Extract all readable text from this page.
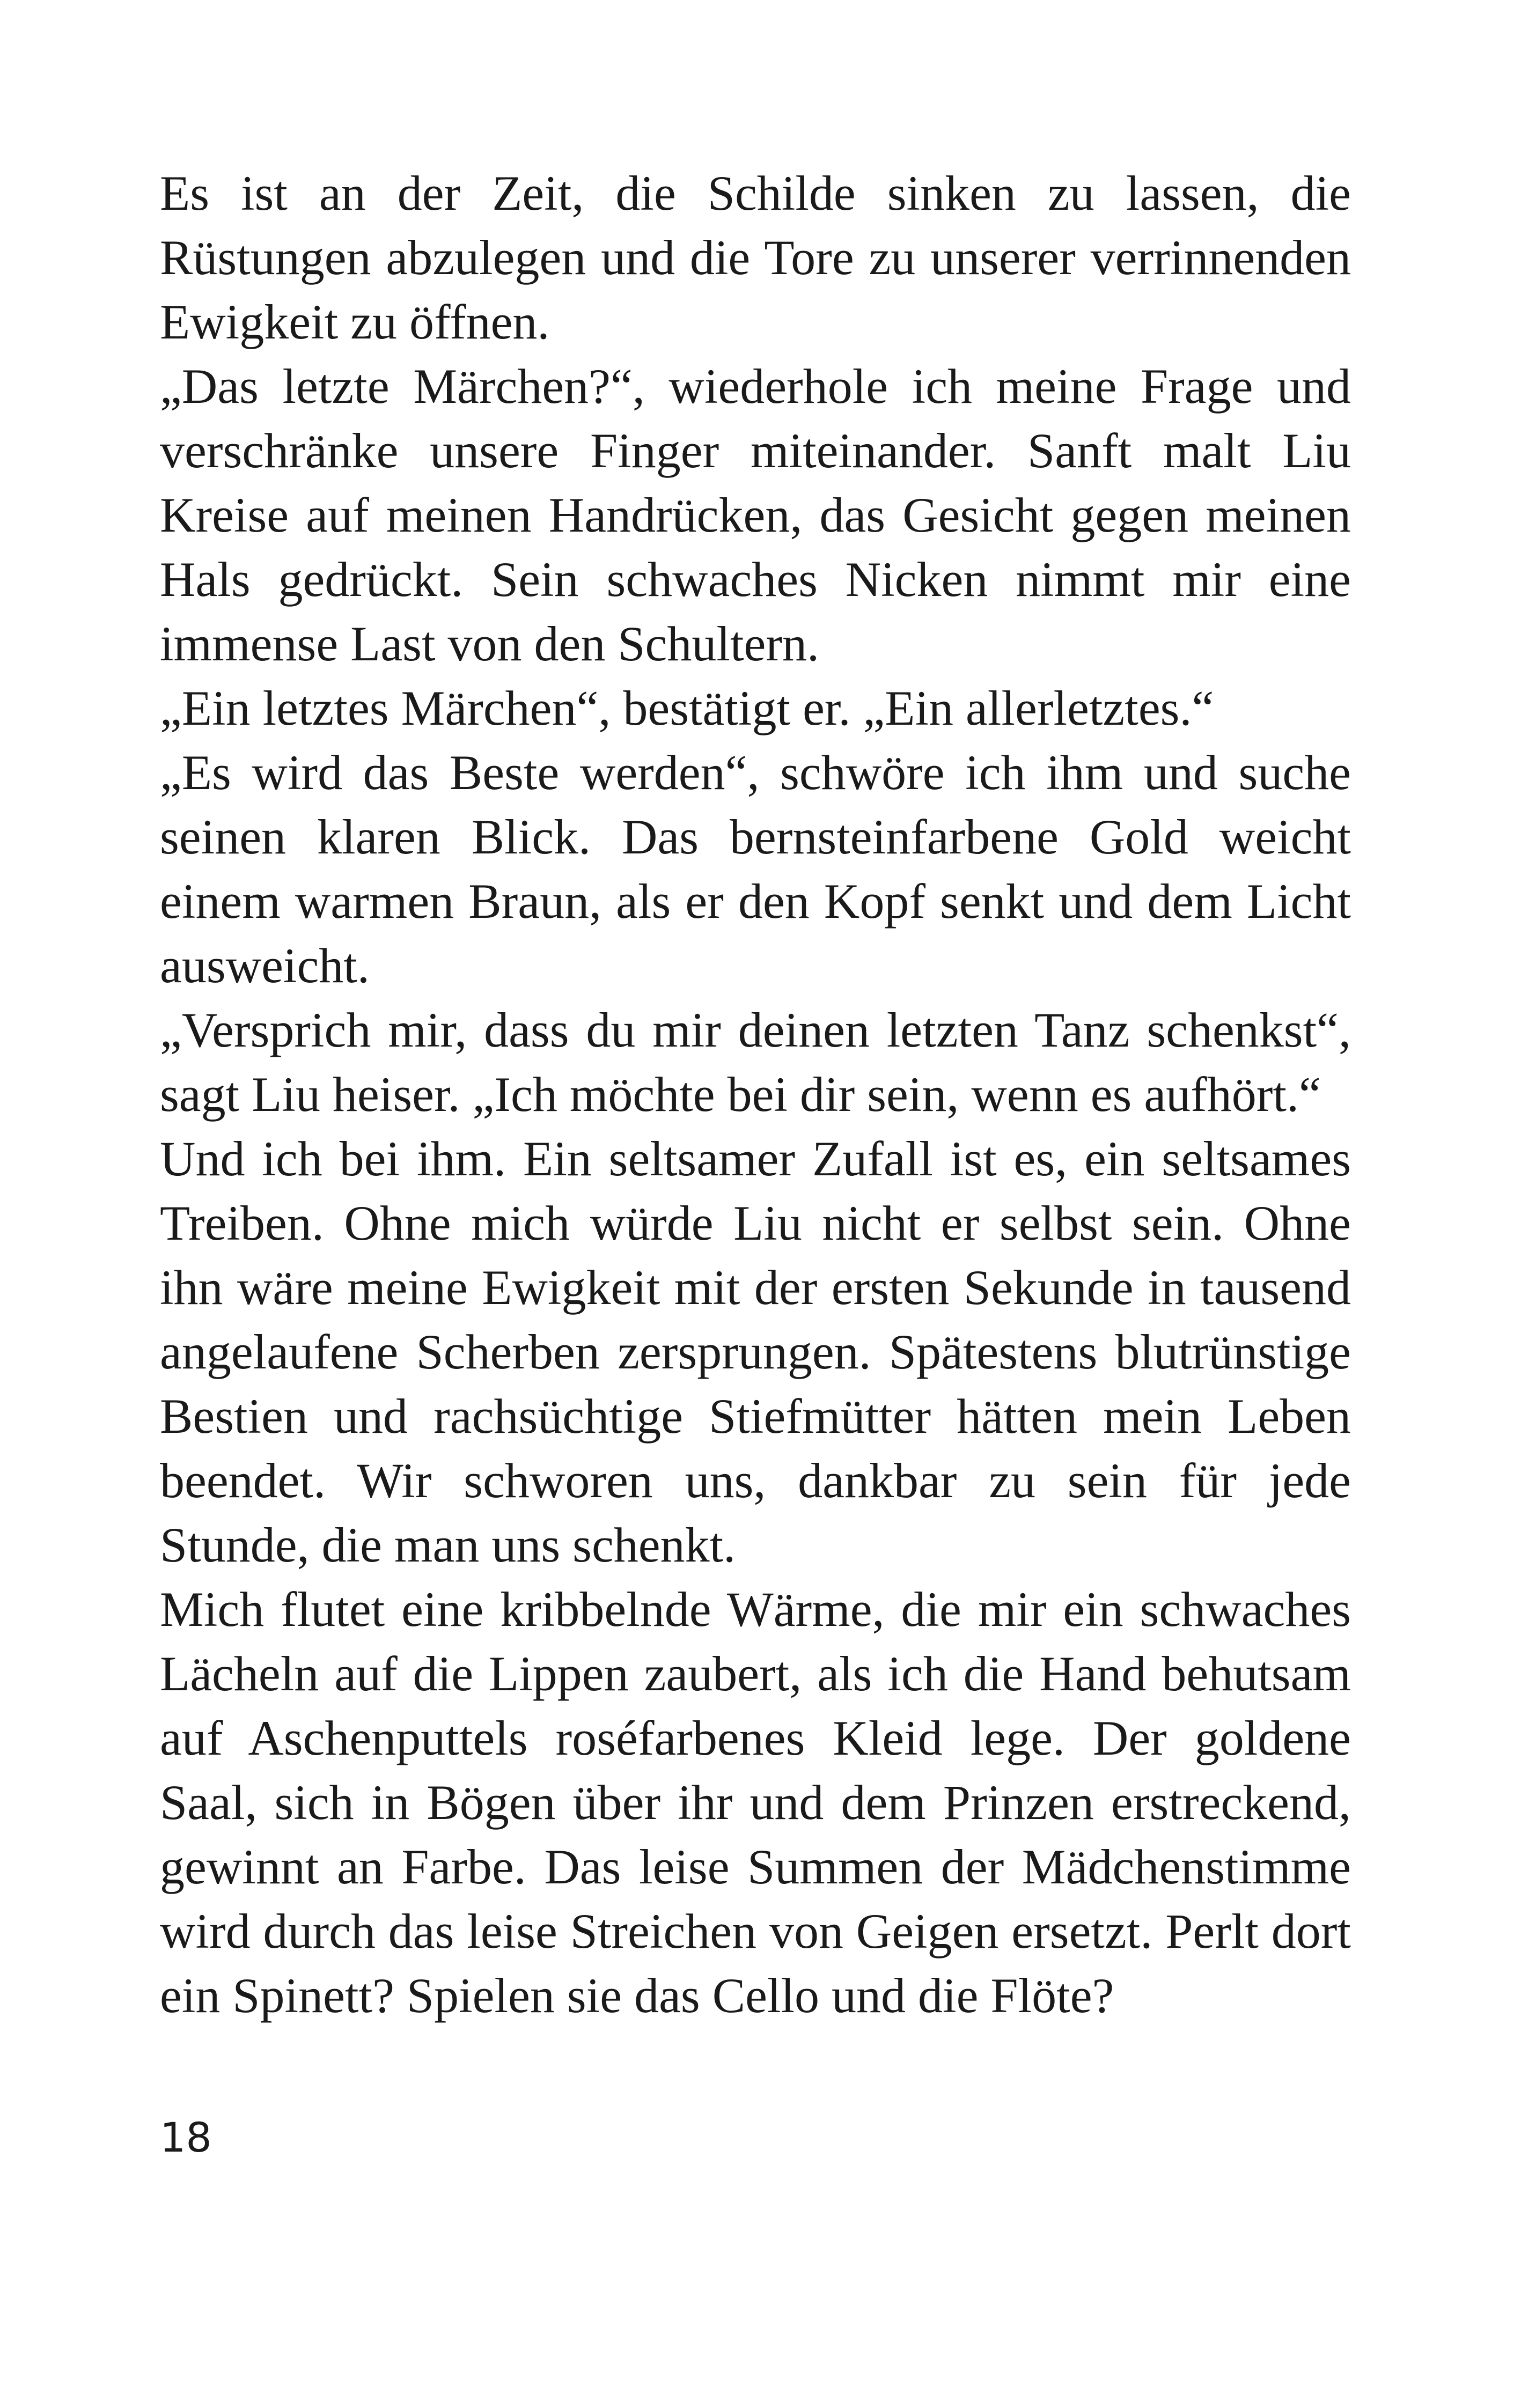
Es ist an der Zeit, die Schilde sinken zu lassen, die Rüstungen abzulegen und die Tore zu unserer verrinnenden Ewigkeit zu öffnen.

„Das letzte Märchen?“, wiederhole ich meine Frage und verschränke unsere Finger miteinander. Sanft malt Liu Kreise auf meinen Handrücken, das Gesicht gegen meinen Hals gedrückt. Sein schwaches Nicken nimmt mir eine immense Last von den Schultern.

„Ein letztes Märchen“, bestätigt er. „Ein allerletztes.“

„Es wird das Beste werden“, schwöre ich ihm und suche seinen klaren Blick. Das bernsteinfarbene Gold weicht einem warmen Braun, als er den Kopf senkt und dem Licht ausweicht.

„Versprich mir, dass du mir deinen letzten Tanz schenkst“, sagt Liu heiser. „Ich möchte bei dir sein, wenn es aufhört.“

Und ich bei ihm. Ein seltsamer Zufall ist es, ein seltsames Treiben. Ohne mich würde Liu nicht er selbst sein. Ohne ihn wäre meine Ewigkeit mit der ersten Sekunde in tausend angelaufene Scherben zersprungen. Spätestens blutrünstige Bestien und rachsüchtige Stiefmütter hätten mein Leben beendet. Wir schworen uns, dankbar zu sein für jede Stunde, die man uns schenkt.

Mich flutet eine kribbelnde Wärme, die mir ein schwaches Lächeln auf die Lippen zaubert, als ich die Hand behutsam auf Aschenputtels roséfarbenes Kleid lege. Der goldene Saal, sich in Bögen über ihr und dem Prinzen erstreckend, gewinnt an Farbe. Das leise Summen der Mädchenstimme wird durch das leise Streichen von Geigen ersetzt. Perlt dort ein Spinett? Spielen sie das Cello und die Flöte?

18
